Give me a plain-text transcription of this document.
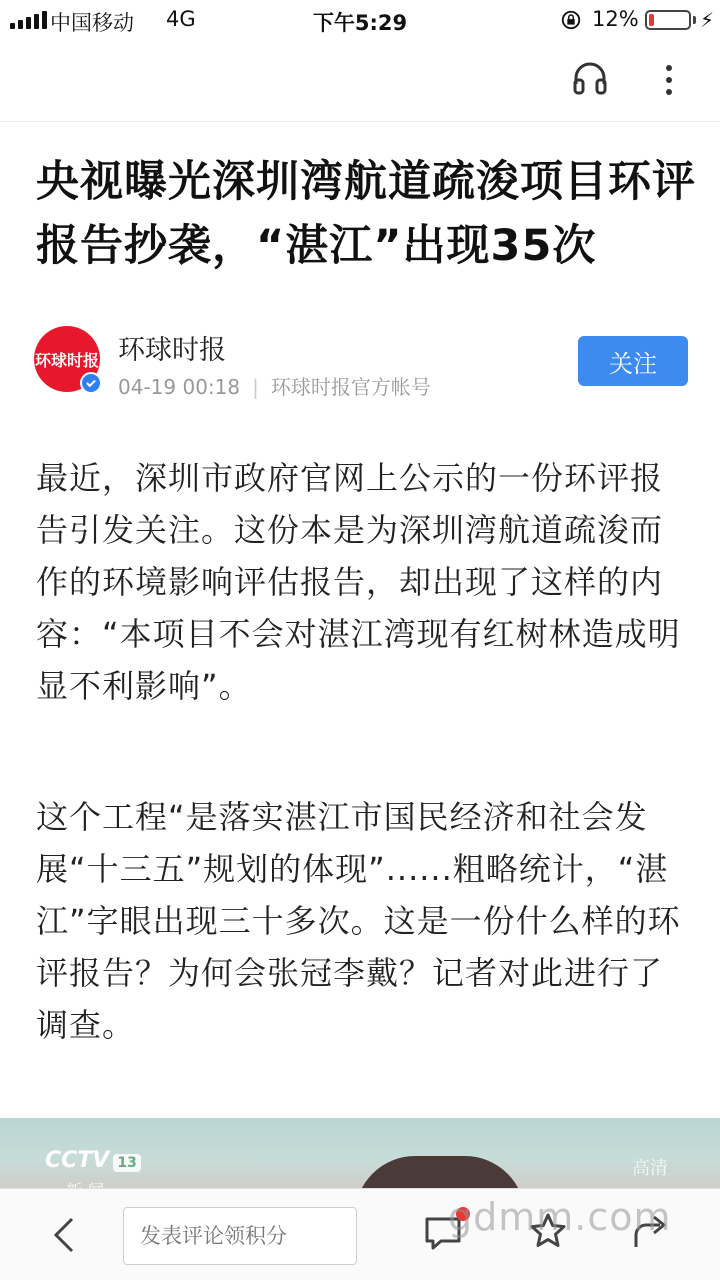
中国移动 4G	下午5:29	12%	⚡︎
央视曝光深圳湾航道疏浚项目环评报告抄袭，“湛江”出现35次
环球时报 环球时报
04-19 00:18 | 环球时报官方帐号
关注

最近，深圳市政府官网上公示的一份环评报告引发关注。这份本是为深圳湾航道疏浚而作的环境影响评估报告，却出现了这样的内容：“本项目不会对湛江湾现有红树林造成明显不利影响”。

这个工程“是落实湛江市国民经济和社会发展“十三五”规划的体现”......粗略统计，“湛江”字眼出现三十多次。这是一份什么样的环评报告？为何会张冠李戴？记者对此进行了调查。

CCTV 13	高清
发表评论领积分
gdmm.com
